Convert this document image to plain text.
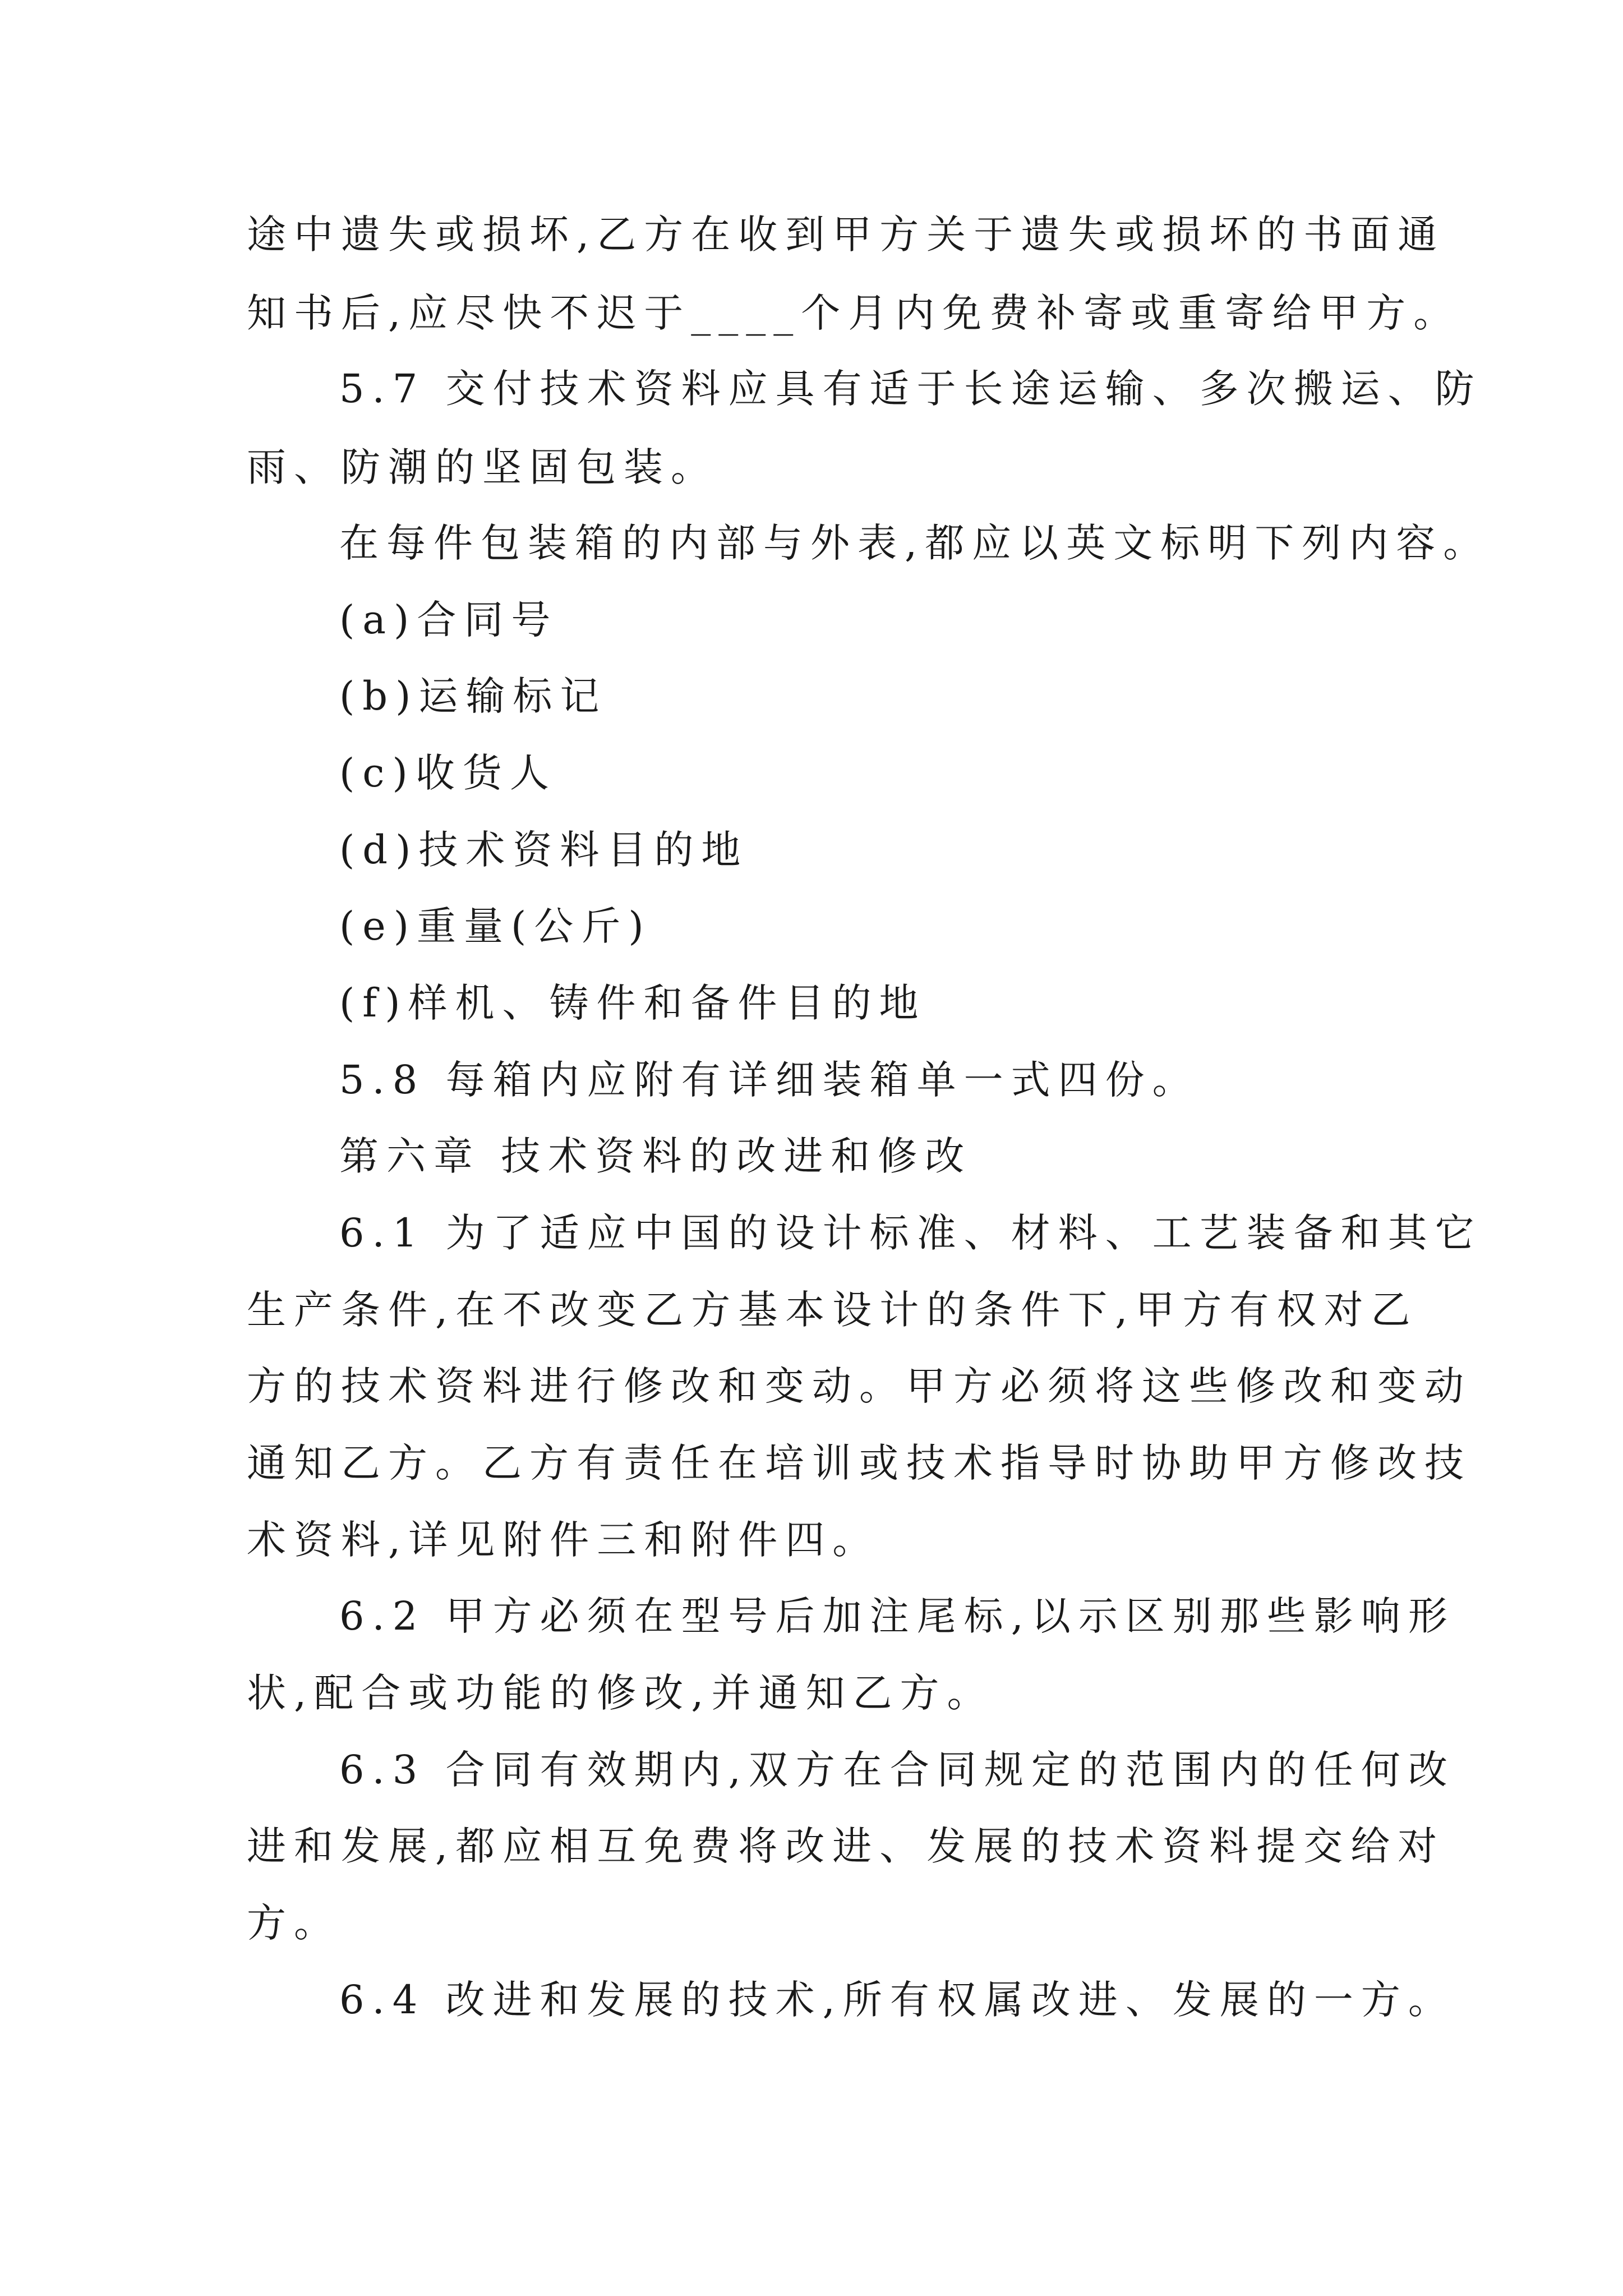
途中遗失或损坏,乙方在收到甲方关于遗失或损坏的书面通
知书后,应尽快不迟于____个月内免费补寄或重寄给甲方。
5.7 交付技术资料应具有适于长途运输、多次搬运、防
雨、防潮的坚固包装。
在每件包装箱的内部与外表,都应以英文标明下列内容。
(a)合同号
(b)运输标记
(c)收货人
(d)技术资料目的地
(e)重量(公斤)
(f)样机、铸件和备件目的地
5.8 每箱内应附有详细装箱单一式四份。
第六章 技术资料的改进和修改
6.1 为了适应中国的设计标准、材料、工艺装备和其它
生产条件,在不改变乙方基本设计的条件下,甲方有权对乙
方的技术资料进行修改和变动。甲方必须将这些修改和变动
通知乙方。乙方有责任在培训或技术指导时协助甲方修改技
术资料,详见附件三和附件四。
6.2 甲方必须在型号后加注尾标,以示区别那些影响形
状,配合或功能的修改,并通知乙方。
6.3 合同有效期内,双方在合同规定的范围内的任何改
进和发展,都应相互免费将改进、发展的技术资料提交给对
方。
6.4 改进和发展的技术,所有权属改进、发展的一方。
